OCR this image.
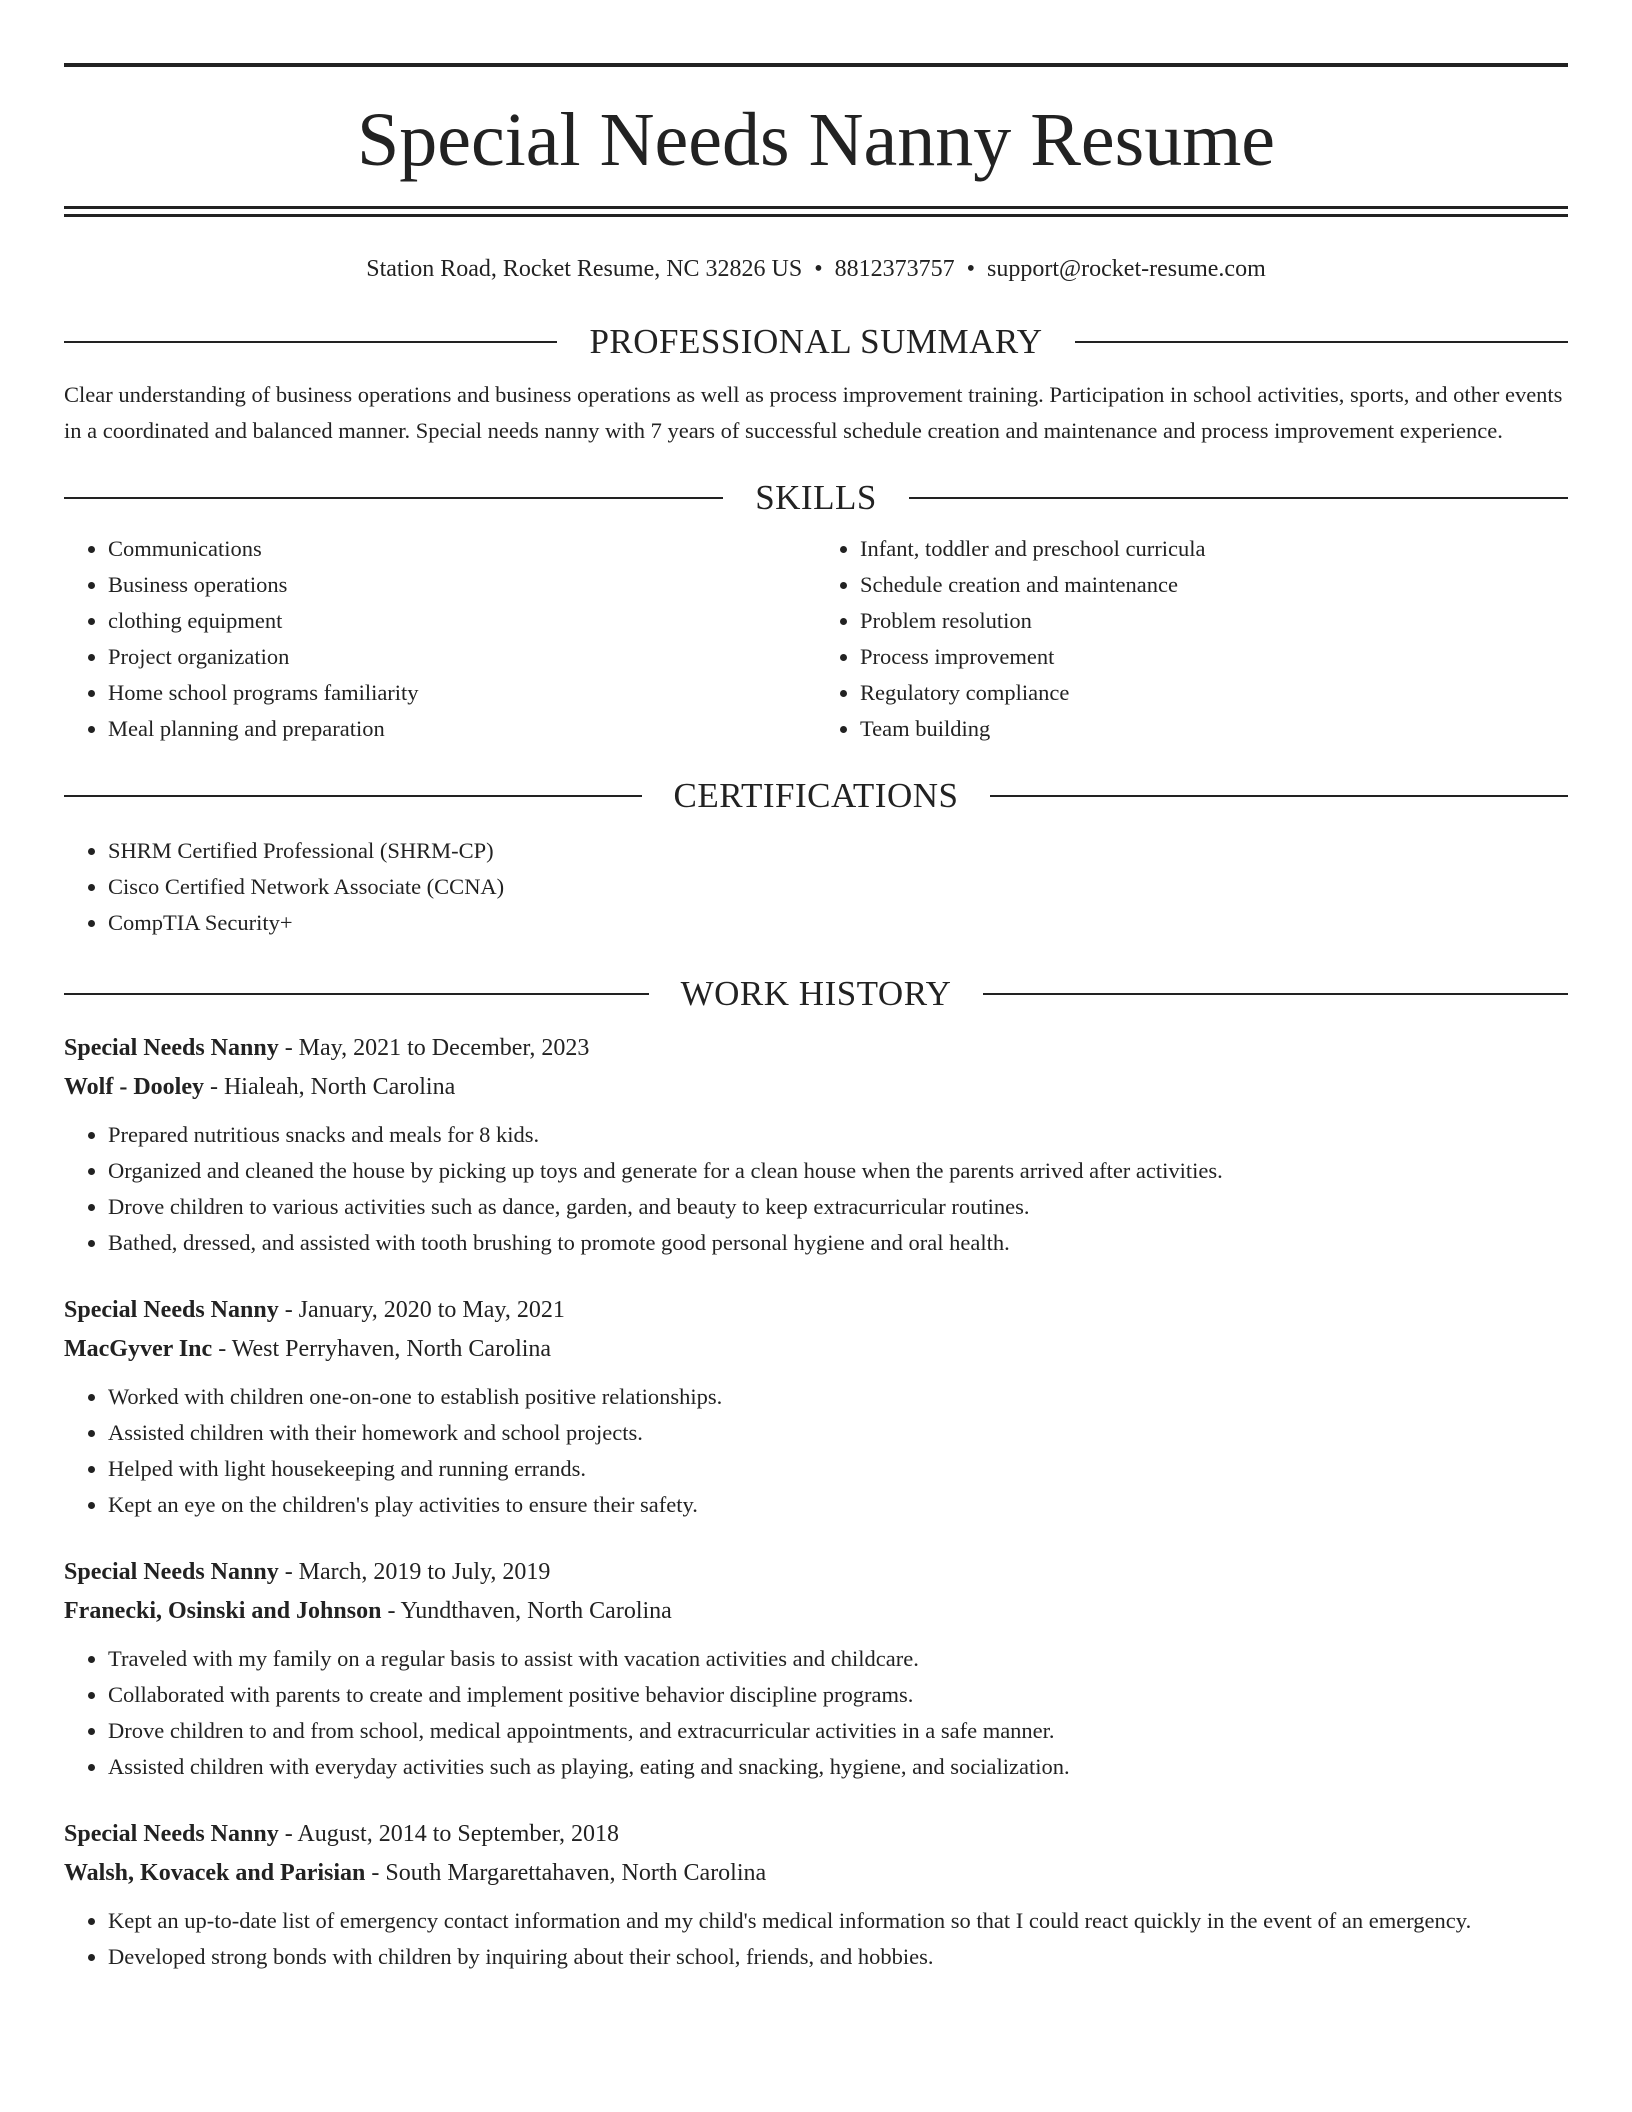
Special Needs Nanny Resume
Station Road, Rocket Resume, NC 32826 US • 8812373757 • support@rocket-resume.com
PROFESSIONAL SUMMARY

Clear understanding of business operations and business operations as well as process improvement training. Participation in school activities, sports, and other events in a coordinated and balanced manner. Special needs nanny with 7 years of successful schedule creation and maintenance and process improvement experience.

SKILLS
• Communications
• Business operations
• clothing equipment
• Project organization
• Home school programs familiarity
• Meal planning and preparation
• Infant, toddler and preschool curricula
• Schedule creation and maintenance
• Problem resolution
• Process improvement
• Regulatory compliance
• Team building
CERTIFICATIONS
• SHRM Certified Professional (SHRM-CP)
• Cisco Certified Network Associate (CCNA)
• CompTIA Security+
WORK HISTORY
Special Needs Nanny - May, 2021 to December, 2023
Wolf - Dooley - Hialeah, North Carolina
• Prepared nutritious snacks and meals for 8 kids.
• Organized and cleaned the house by picking up toys and generate for a clean house when the parents arrived after activities.
• Drove children to various activities such as dance, garden, and beauty to keep extracurricular routines.
• Bathed, dressed, and assisted with tooth brushing to promote good personal hygiene and oral health.
Special Needs Nanny - January, 2020 to May, 2021
MacGyver Inc - West Perryhaven, North Carolina
• Worked with children one-on-one to establish positive relationships.
• Assisted children with their homework and school projects.
• Helped with light housekeeping and running errands.
• Kept an eye on the children's play activities to ensure their safety.
Special Needs Nanny - March, 2019 to July, 2019
Franecki, Osinski and Johnson - Yundthaven, North Carolina
• Traveled with my family on a regular basis to assist with vacation activities and childcare.
• Collaborated with parents to create and implement positive behavior discipline programs.
• Drove children to and from school, medical appointments, and extracurricular activities in a safe manner.
• Assisted children with everyday activities such as playing, eating and snacking, hygiene, and socialization.
Special Needs Nanny - August, 2014 to September, 2018
Walsh, Kovacek and Parisian - South Margarettahaven, North Carolina
• Kept an up-to-date list of emergency contact information and my child's medical information so that I could react quickly in the event of an emergency.
• Developed strong bonds with children by inquiring about their school, friends, and hobbies.
